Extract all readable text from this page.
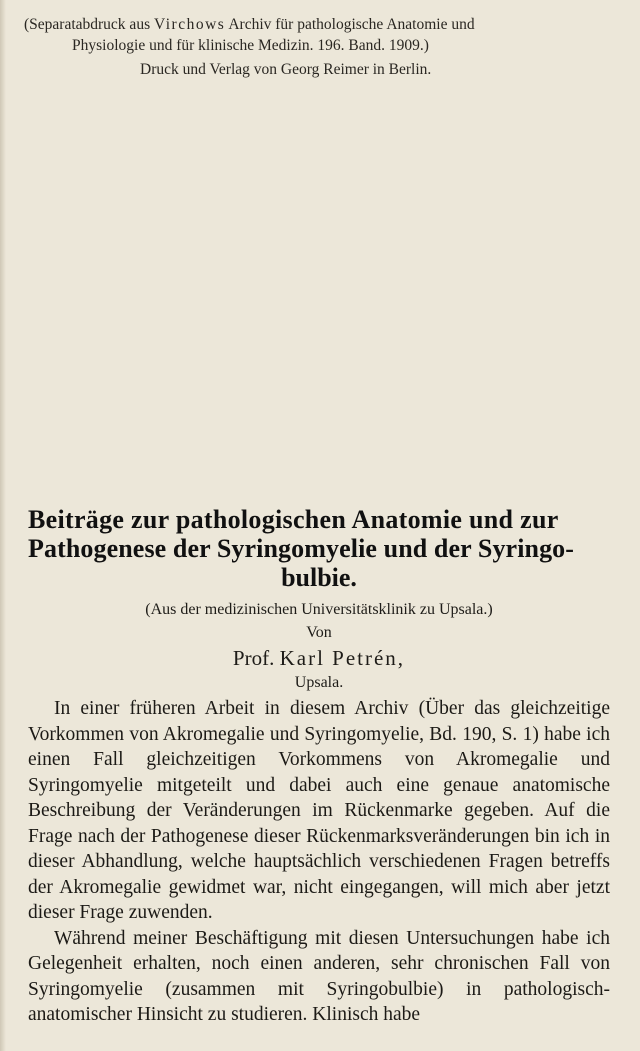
(Separatabdruck aus Virchows Archiv für pathologische Anatomie und
Physiologie und für klinische Medizin. 196. Band. 1909.)
Druck und Verlag von Georg Reimer in Berlin.
Beiträge zur pathologischen Anatomie und zur
Pathogenese der Syringomyelie und der Syringo-
bulbie.
(Aus der medizinischen Universitätsklinik zu Upsala.)
Von
Prof. Karl Petrén,
Upsala.

In einer früheren Arbeit in diesem Archiv (Über das gleichzeitige Vorkommen von Akromegalie und Syringomyelie, Bd. 190, S. 1) habe ich einen Fall gleichzeitigen Vorkommens von Akromegalie und Syringomyelie mitgeteilt und dabei auch eine genaue anatomische Beschreibung der Veränderungen im Rückenmarke gegeben. Auf die Frage nach der Pathogenese dieser Rückenmarksveränderungen bin ich in dieser Abhandlung, welche hauptsächlich verschiedenen Fragen betreffs der Akromegalie gewidmet war, nicht eingegangen, will mich aber jetzt dieser Frage zuwenden.

Während meiner Beschäftigung mit diesen Untersuchungen habe ich Gelegenheit erhalten, noch einen anderen, sehr chronischen Fall von Syringomyelie (zusammen mit Syringobulbie) in pathologisch-anatomischer Hinsicht zu studieren. Klinisch habe
